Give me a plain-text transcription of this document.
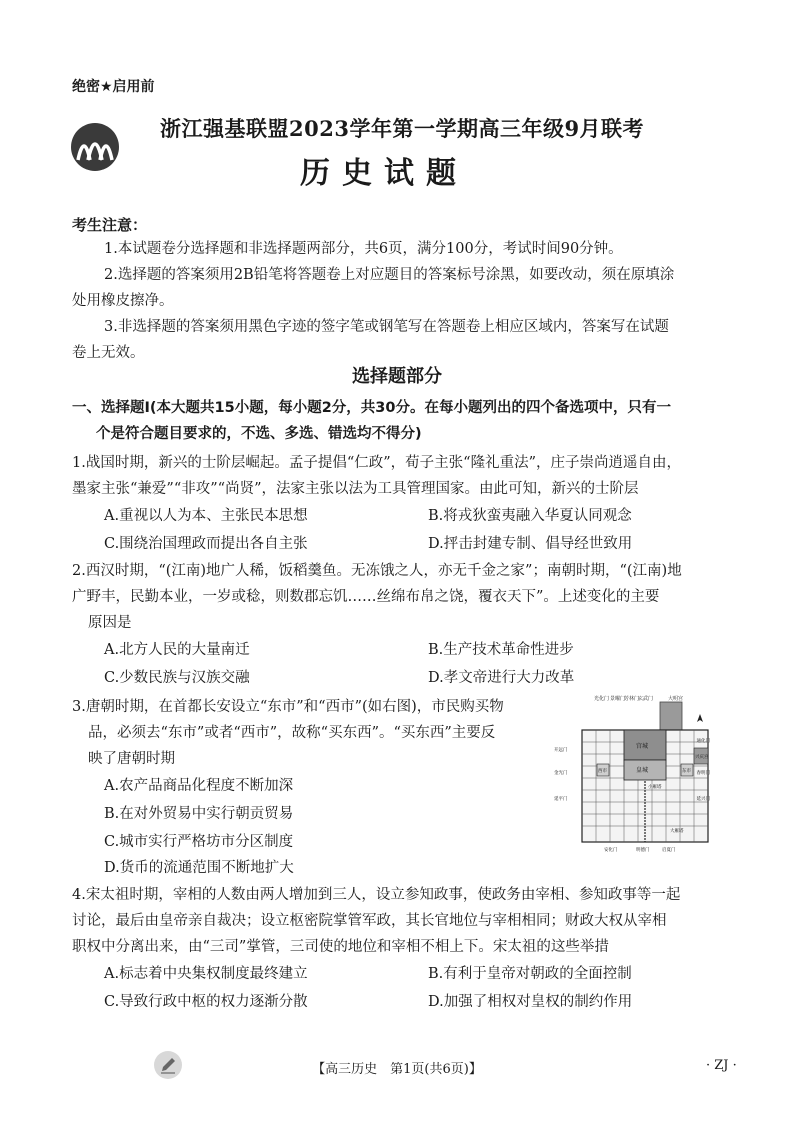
绝密★启用前
浙江强基联盟2023学年第一学期高三年级9月联考
历史试题
考生注意：
1.本试题卷分选择题和非选择题两部分，共6页，满分100分，考试时间90分钟。
2.选择题的答案须用2B铅笔将答题卷上对应题目的答案标号涂黑，如要改动，须在原填涂
处用橡皮擦净。
3.非选择题的答案须用黑色字迹的签字笔或钢笔写在答题卷上相应区域内，答案写在试题
卷上无效。
选择题部分
一、选择题Ⅰ(本大题共15小题，每小题2分，共30分。在每小题列出的四个备选项中，只有一
个是符合题目要求的，不选、多选、错选均不得分)
1.战国时期，新兴的士阶层崛起。孟子提倡“仁政”，荀子主张“隆礼重法”，庄子崇尚逍遥自由，
墨家主张“兼爱”“非攻”“尚贤”，法家主张以法为工具管理国家。由此可知，新兴的士阶层
A.重视以人为本、主张民本思想	B.将戎狄蛮夷融入华夏认同观念
C.围绕治国理政而提出各自主张	D.抨击封建专制、倡导经世致用
2.西汉时期，“(江南)地广人稀，饭稻羹鱼。无冻饿之人，亦无千金之家”；南朝时期，“(江南)地
广野丰，民勤本业，一岁或稔，则数郡忘饥……丝绵布帛之饶，覆衣天下”。上述变化的主要
原因是
A.北方人民的大量南迁	B.生产技术革命性进步
C.少数民族与汉族交融	D.孝文帝进行大力改革
3.唐朝时期，在首都长安设立“东市”和“西市”(如右图)，市民购买物
品，必须去“东市”或者“西市”，故称“买东西”。“买东西”主要反
映了唐朝时期
A.农产品商品化程度不断加深
B.在对外贸易中实行朝贡贸易
C.城市实行严格坊市分区制度
D.货币的流通范围不断地扩大
光化门 景曜门
芳林门
玄武门	大明宫
宫城
皇城
西市	东市
兴庆宫
小雁塔
大雁塔
开远门
金光门
延平门
通化门
春明门
延兴门
安化门	明德门	启夏门
4.宋太祖时期，宰相的人数由两人增加到三人，设立参知政事，使政务由宰相、参知政事等一起
讨论，最后由皇帝亲自裁决；设立枢密院掌管军政，其长官地位与宰相相同；财政大权从宰相
职权中分离出来，由“三司”掌管，三司使的地位和宰相不相上下。宋太祖的这些举措
A.标志着中央集权制度最终建立	B.有利于皇帝对朝政的全面控制
C.导致行政中枢的权力逐渐分散	D.加强了相权对皇权的制约作用
【高三历史　第1页(共6页)】	· ZJ ·
